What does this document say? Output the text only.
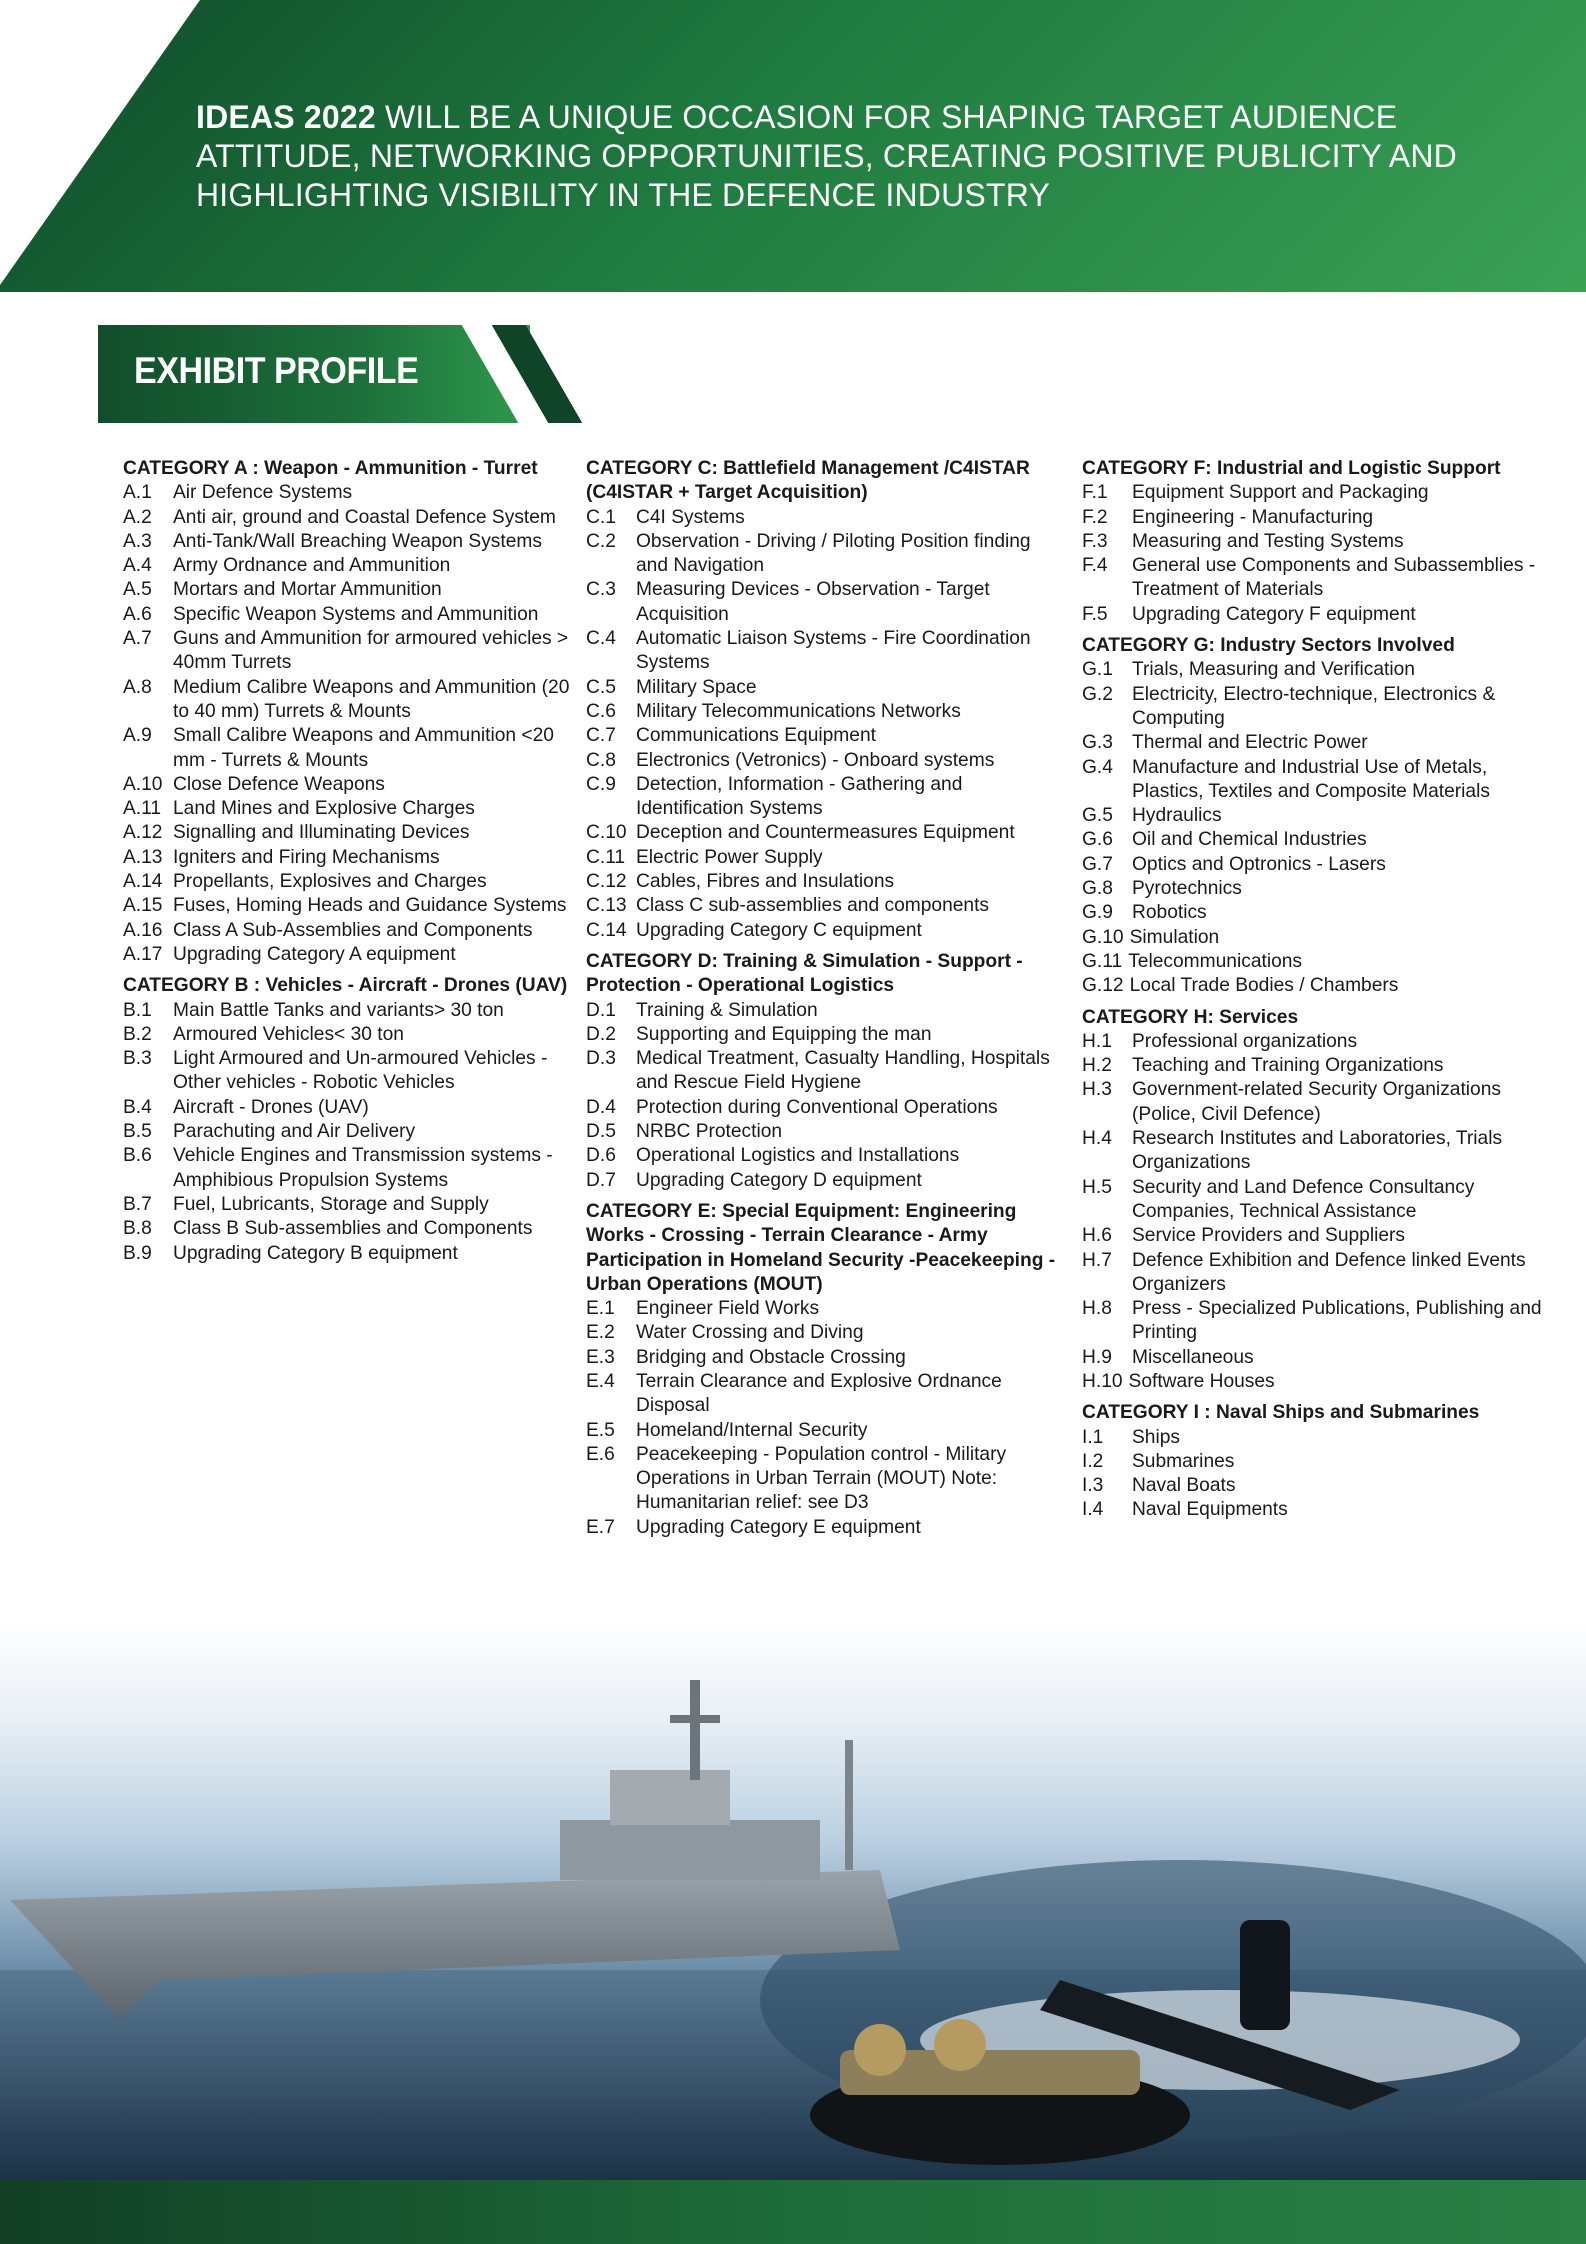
IDEAS 2022 WILL BE A UNIQUE OCCASION FOR SHAPING TARGET AUDIENCE ATTITUDE, NETWORKING OPPORTUNITIES, CREATING POSITIVE PUBLICITY AND HIGHLIGHTING VISIBILITY IN THE DEFENCE INDUSTRY
EXHIBIT PROFILE
CATEGORY A : Weapon - Ammunition - Turret
A.1	Air Defence Systems
A.2	Anti air, ground and Coastal Defence System
A.3	Anti-Tank/Wall Breaching Weapon Systems
A.4	Army Ordnance and Ammunition
A.5	Mortars and Mortar Ammunition
A.6	Specific Weapon Systems and Ammunition
A.7	Guns and Ammunition for armoured vehicles > 40mm Turrets
A.8	Medium Calibre Weapons and Ammunition (20 to 40 mm) Turrets & Mounts
A.9	Small Calibre Weapons and Ammunition <20 mm - Turrets & Mounts
A.10 Close Defence Weapons
A.11 Land Mines and Explosive Charges
A.12 Signalling and Illuminating Devices
A.13 Igniters and Firing Mechanisms
A.14 Propellants, Explosives and Charges
A.15 Fuses, Homing Heads and Guidance Systems
A.16 Class A Sub-Assemblies and Components
A.17 Upgrading Category A equipment
CATEGORY B : Vehicles - Aircraft - Drones (UAV)
B.1	Main Battle Tanks and variants> 30 ton
B.2	Armoured Vehicles< 30 ton
B.3	Light Armoured and Un-armoured Vehicles - Other vehicles - Robotic Vehicles
B.4	Aircraft - Drones (UAV)
B.5	Parachuting and Air Delivery
B.6	Vehicle Engines and Transmission systems - Amphibious Propulsion Systems
B.7	Fuel, Lubricants, Storage and Supply
B.8	Class B Sub-assemblies and Components
B.9	Upgrading Category B equipment
CATEGORY C: Battlefield Management /C4ISTAR (C4ISTAR + Target Acquisition)
C.1	C4I Systems
C.2	Observation - Driving / Piloting Position finding and Navigation
C.3	Measuring Devices - Observation - Target Acquisition
C.4	Automatic Liaison Systems - Fire Coordination Systems
C.5	Military Space
C.6	Military Telecommunications Networks
C.7	Communications Equipment
C.8	Electronics (Vetronics) - Onboard systems
C.9	Detection, Information - Gathering and Identification Systems
C.10 Deception and Countermeasures Equipment
C.11 Electric Power Supply
C.12 Cables, Fibres and Insulations
C.13 Class C sub-assemblies and components
C.14 Upgrading Category C equipment
CATEGORY D: Training & Simulation - Support - Protection - Operational Logistics
D.1	Training & Simulation
D.2	Supporting and Equipping the man
D.3	Medical Treatment, Casualty Handling, Hospitals and Rescue Field Hygiene
D.4	Protection during Conventional Operations
D.5	NRBC Protection
D.6	Operational Logistics and Installations
D.7	Upgrading Category D equipment
CATEGORY E: Special Equipment: Engineering Works - Crossing - Terrain Clearance - Army Participation in Homeland Security -Peacekeeping - Urban Operations (MOUT)
E.1	Engineer Field Works
E.2	Water Crossing and Diving
E.3	Bridging and Obstacle Crossing
E.4	Terrain Clearance and Explosive Ordnance Disposal
E.5	Homeland/Internal Security
E.6	Peacekeeping - Population control - Military Operations in Urban Terrain (MOUT) Note: Humanitarian relief: see D3
E.7	Upgrading Category E equipment
CATEGORY F: Industrial and Logistic Support
F.1	Equipment Support and Packaging
F.2	Engineering - Manufacturing
F.3	Measuring and Testing Systems
F.4	General use Components and Subassemblies - Treatment of Materials
F.5	Upgrading Category F equipment
CATEGORY G: Industry Sectors Involved
G.1 Trials, Measuring and Verification
G.2 Electricity, Electro-technique, Electronics & Computing
G.3 Thermal and Electric Power
G.4 Manufacture and Industrial Use of Metals, Plastics, Textiles and Composite Materials
G.5 Hydraulics
G.6 Oil and Chemical Industries
G.7 Optics and Optronics - Lasers
G.8 Pyrotechnics
G.9 Robotics
G.10 Simulation
G.11 Telecommunications
G.12 Local Trade Bodies / Chambers
CATEGORY H: Services
H.1	Professional organizations
H.2	Teaching and Training Organizations
H.3	Government-related Security Organizations (Police, Civil Defence)
H.4	Research Institutes and Laboratories, Trials Organizations
H.5	Security and Land Defence Consultancy Companies, Technical Assistance
H.6	Service Providers and Suppliers
H.7	Defence Exhibition and Defence linked Events Organizers
H.8	Press - Specialized Publications, Publishing and Printing
H.9	Miscellaneous
H.10 Software Houses
CATEGORY I : Naval Ships and Submarines
I.1	Ships
I.2	Submarines
I.3	Naval Boats
I.4	Naval Equipments
